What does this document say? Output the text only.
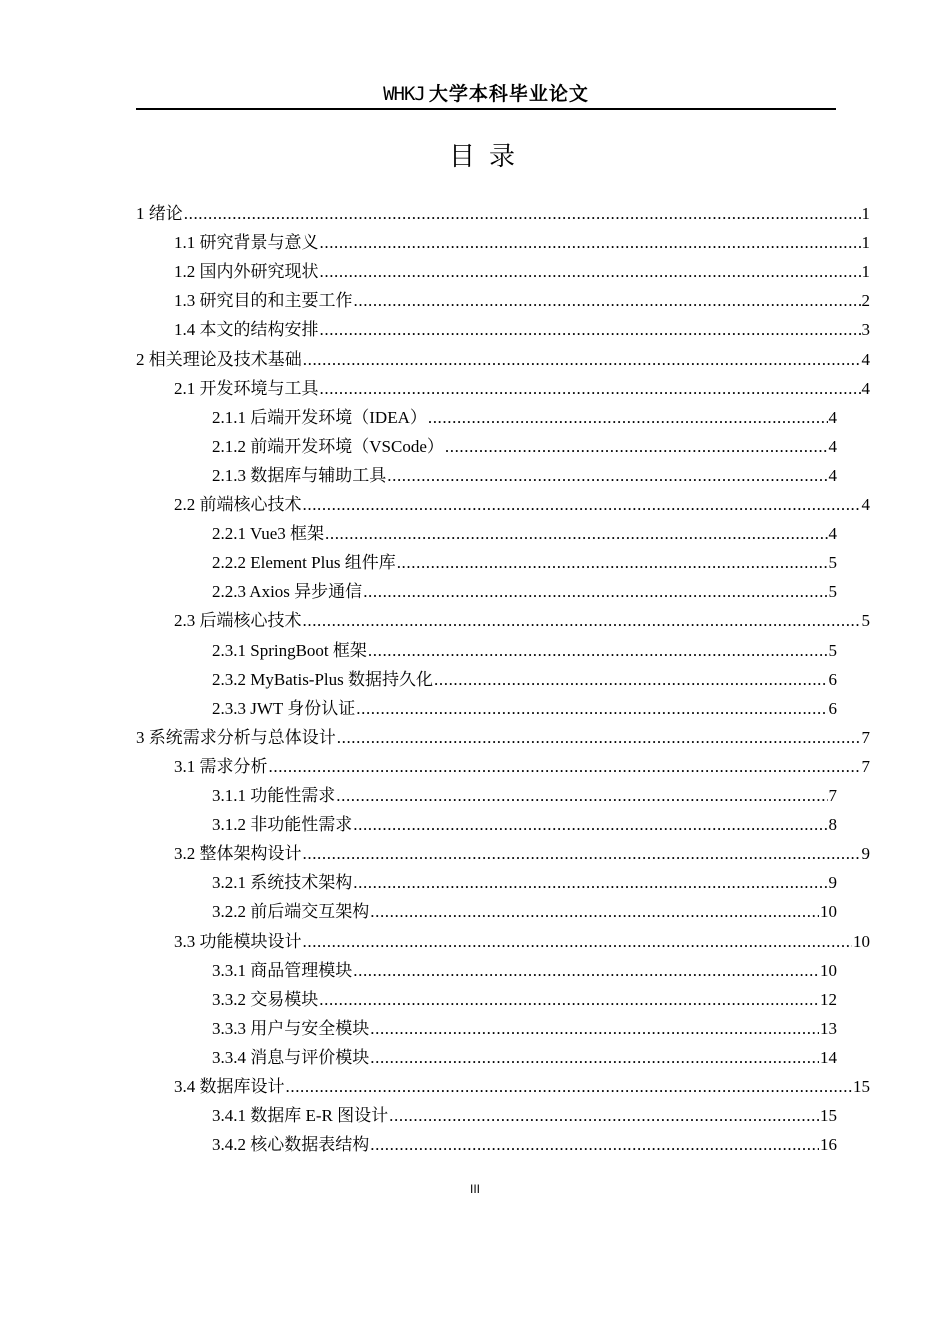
WHKJ 大学本科毕业论文
目录
1 绪论 .....	1
1.1 研究背景与意义 .....	1
1.2 国内外研究现状 .....	1
1.3 研究目的和主要工作 .....	2
1.4 本文的结构安排 .....	3
2 相关理论及技术基础 .....	4
2.1 开发环境与工具 .....	4
2.1.1 后端开发环境（IDEA） .....	4
2.1.2 前端开发环境（VSCode） .....	4
2.1.3 数据库与辅助工具 .....	4
2.2 前端核心技术 .....	4
2.2.1 Vue3 框架 .....	4
2.2.2 Element Plus 组件库 .....	5
2.2.3 Axios 异步通信 .....	5
2.3 后端核心技术 .....	5
2.3.1 SpringBoot 框架 .....	5
2.3.2 MyBatis-Plus 数据持久化 .....	6
2.3.3 JWT 身份认证 .....	6
3 系统需求分析与总体设计 .....	7
3.1 需求分析 .....	7
3.1.1 功能性需求 .....	7
3.1.2 非功能性需求 .....	8
3.2 整体架构设计 .....	9
3.2.1 系统技术架构 .....	9
3.2.2 前后端交互架构 .....	10
3.3 功能模块设计 .....	10
3.3.1 商品管理模块 .....	10
3.3.2 交易模块 .....	12
3.3.3 用户与安全模块 .....	13
3.3.4 消息与评价模块 .....	14
3.4 数据库设计 .....	15
3.4.1 数据库 E-R 图设计 .....	15
3.4.2 核心数据表结构 .....	16
III
